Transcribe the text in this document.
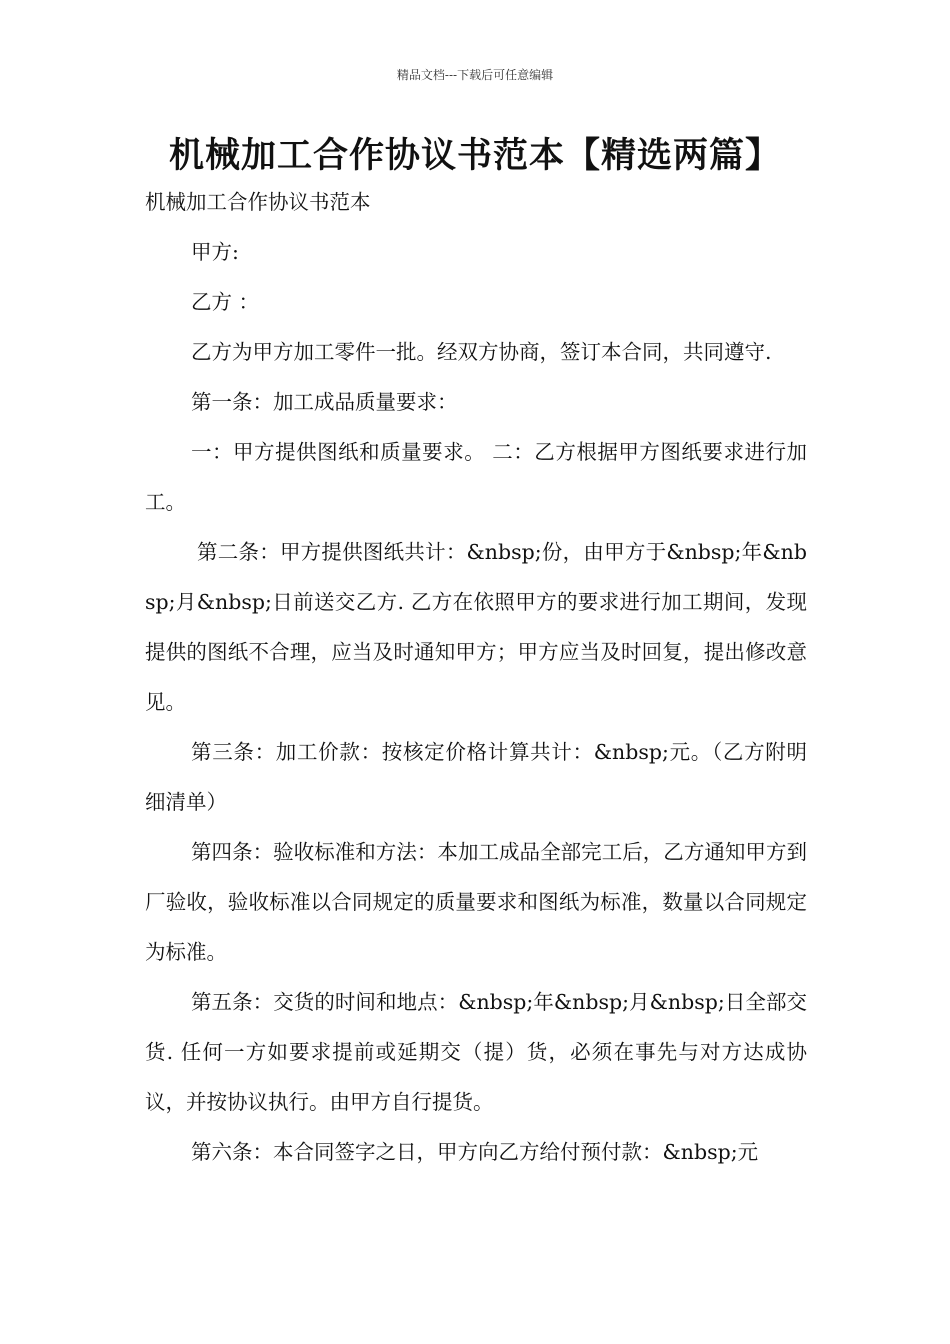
精品文档---下载后可任意编辑
机械加工合作协议书范本【精选两篇】

机械加工合作协议书范本

甲方:

乙方 ：

乙方为甲方加工零件一批。经双方协商，签订本合同，共同遵守.

第一条：加工成品质量要求：

一：甲方提供图纸和质量要求。 二：乙方根据甲方图纸要求进行加工。

第二条：甲方提供图纸共计：&nbsp;份，由甲方于&nbsp;年&nbsp;月&nbsp;日前送交乙方. 乙方在依照甲方的要求进行加工期间，发现提供的图纸不合理，应当及时通知甲方；甲方应当及时回复，提出修改意见。

第三条：加工价款：按核定价格计算共计：&nbsp;元。（乙方附明细清单）

第四条：验收标准和方法：本加工成品全部完工后，乙方通知甲方到厂验收，验收标准以合同规定的质量要求和图纸为标准，数量以合同规定为标准。

第五条：交货的时间和地点：&nbsp;年&nbsp;月&nbsp;日全部交货. 任何一方如要求提前或延期交（提）货，必须在事先与对方达成协议，并按协议执行。由甲方自行提货。

第六条：本合同签字之日，甲方向乙方给付预付款：&nbsp;元
